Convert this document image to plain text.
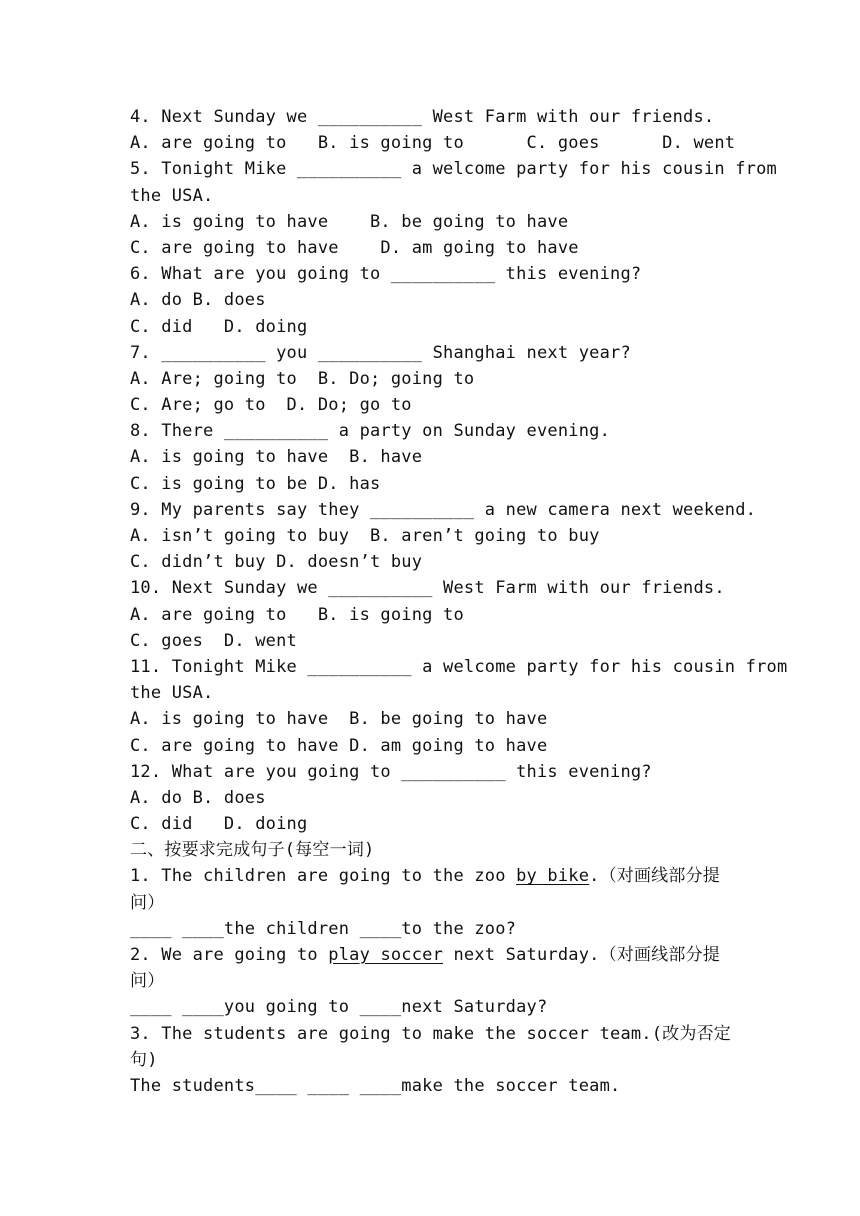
4. Next Sunday we __________ West Farm with our friends.
A. are going to   B. is going to      C. goes      D. went
5. Tonight Mike __________ a welcome party for his cousin from
the USA.
A. is going to have    B. be going to have
C. are going to have    D. am going to have
6. What are you going to __________ this evening?
A. do B. does
C. did   D. doing
7. __________ you __________ Shanghai next year?
A. Are; going to  B. Do; going to
C. Are; go to  D. Do; go to
8. There __________ a party on Sunday evening.
A. is going to have  B. have
C. is going to be D. has
9. My parents say they __________ a new camera next weekend.
A. isn’t going to buy  B. aren’t going to buy
C. didn’t buy D. doesn’t buy
10. Next Sunday we __________ West Farm with our friends.
A. are going to   B. is going to
C. goes  D. went
11. Tonight Mike __________ a welcome party for his cousin from
the USA.
A. is going to have  B. be going to have
C. are going to have D. am going to have
12. What are you going to __________ this evening?
A. do B. does
C. did   D. doing
二、按要求完成句子(每空一词)
1. The children are going to the zoo by bike.（对画线部分提
问）
____ ____the children ____to the zoo?
2. We are going to play soccer next Saturday.（对画线部分提
问）
____ ____you going to ____next Saturday?
3. The students are going to make the soccer team.(改为否定
句)
The students____ ____ ____make the soccer team.
